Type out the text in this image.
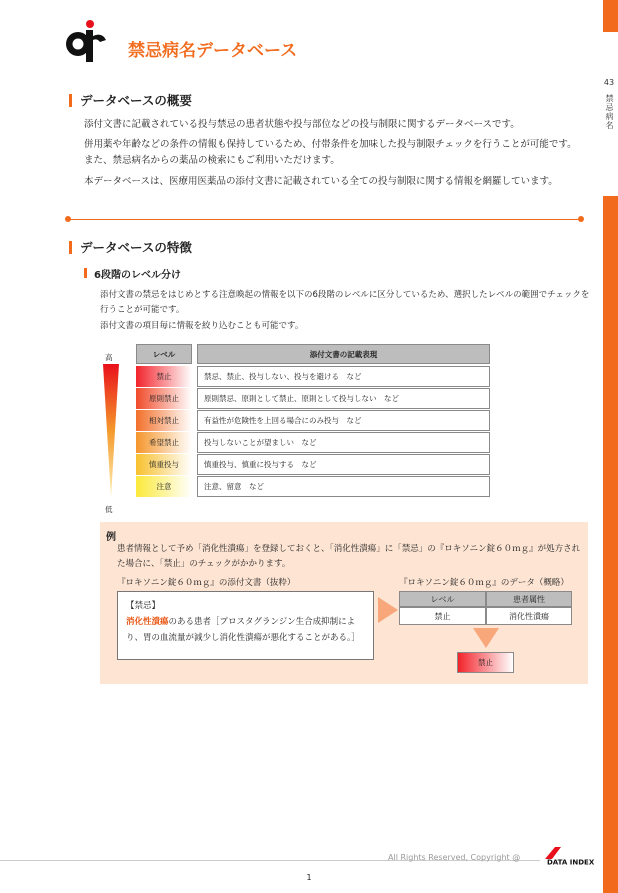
43
禁忌病名
禁忌病名データベース
データベースの概要
添付文書に記載されている投与禁忌の患者状態や投与部位などの投与制限に関するデータベースです。
併用薬や年齢などの条件の情報も保持しているため、付帯条件を加味した投与制限チェックを行うことが可能です。また、禁忌病名からの薬品の検索にもご利用いただけます。
本データベースは、医療用医薬品の添付文書に記載されている全ての投与制限に関する情報を網羅しています。
データベースの特徴
6段階のレベル分け
添付文書の禁忌をはじめとする注意喚起の情報を以下の6段階のレベルに区分しているため、選択したレベルの範囲でチェックを行うことが可能です。
添付文書の項目毎に情報を絞り込むことも可能です。
高
低
レベル	添付文書の記載表現
禁止	禁忌、禁止、投与しない、投与を避ける　など
原則禁止	原則禁忌、原則として禁止、原則として投与しない　など
相対禁止	有益性が危険性を上回る場合にのみ投与　など
希望禁止	投与しないことが望ましい　など
慎重投与	慎重投与、慎重に投与する　など
注意	注意、留意　など
例
患者情報として予め「消化性潰瘍」を登録しておくと、「消化性潰瘍」に「禁忌」の『ロキソニン錠６０ｍｇ』が処方された場合に、「禁止」のチェックがかかります。
『ロキソニン錠６０ｍｇ』の添付文書（抜粋）
【禁忌】
消化性潰瘍のある患者［プロスタグランジン生合成抑制により、胃の血流量が減少し消化性潰瘍が悪化することがある。］
『ロキソニン錠６０ｍｇ』のデータ（概略）
レベル	患者属性
禁止	消化性潰瘍
禁止
All Rights Reserved, Copyright @
DATA INDEX
1
